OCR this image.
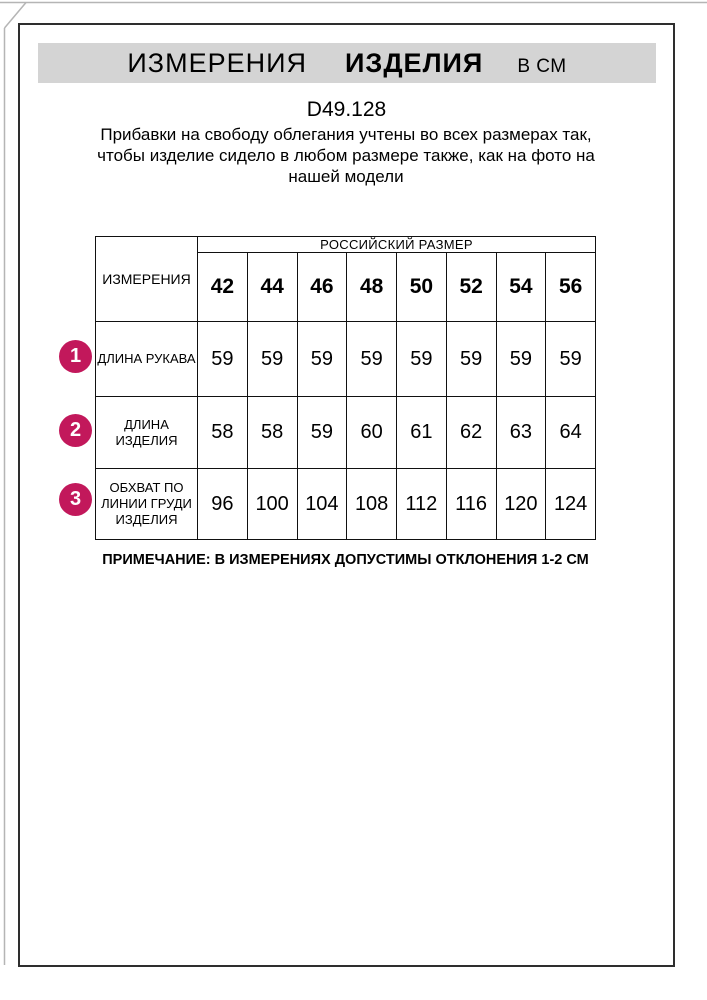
ИЗМЕРЕНИЯ ИЗДЕЛИЯ В СМ
D49.128
Прибавки на свободу облегания учтены во всех размерах так, чтобы изделие сидело в любом размере также, как на фото на нашей модели
ИЗМЕРЕНИЯ	РОССИЙСКИЙ РАЗМЕР							
	42	44	46	48	50	52	54	56
ДЛИНА РУКАВА	59	59	59	59	59	59	59	59
ДЛИНА ИЗДЕЛИЯ	58	58	59	60	61	62	63	64
ОБХВАТ ПО ЛИНИИ ГРУДИ ИЗДЕЛИЯ	96	100	104	108	112	116	120	124
1
2
3
ПРИМЕЧАНИЕ: В ИЗМЕРЕНИЯХ ДОПУСТИМЫ ОТКЛОНЕНИЯ 1-2 СМ
